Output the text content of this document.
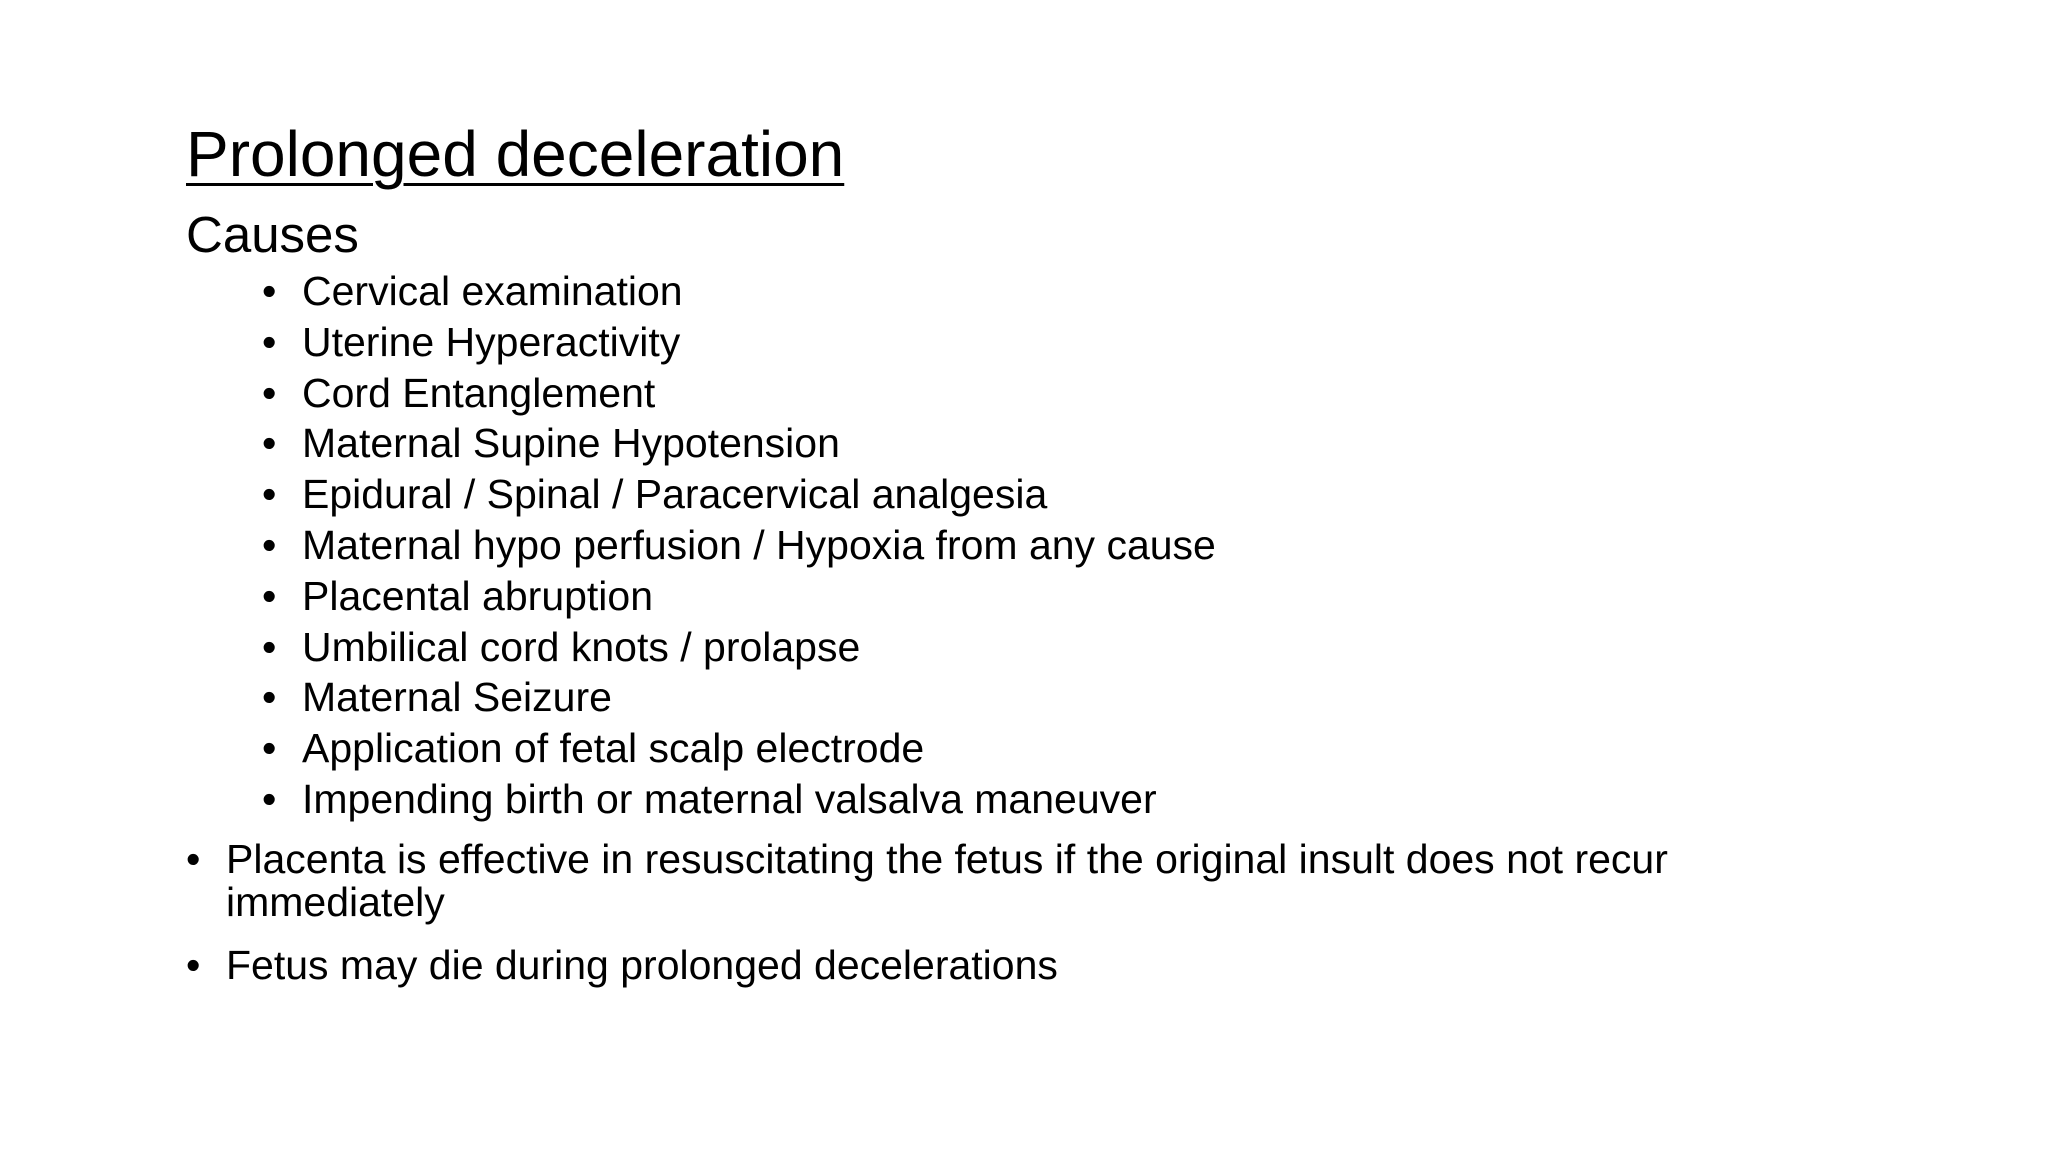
Prolonged deceleration
Causes
• Cervical examination
• Uterine Hyperactivity
• Cord Entanglement
• Maternal Supine Hypotension
• Epidural / Spinal / Paracervical analgesia
• Maternal hypo perfusion / Hypoxia from any cause
• Placental abruption
• Umbilical cord knots / prolapse
• Maternal Seizure
• Application of fetal scalp electrode
• Impending birth or maternal valsalva maneuver
• Placenta is effective in resuscitating the fetus if the original insult does not recur immediately
• Fetus may die during prolonged decelerations
